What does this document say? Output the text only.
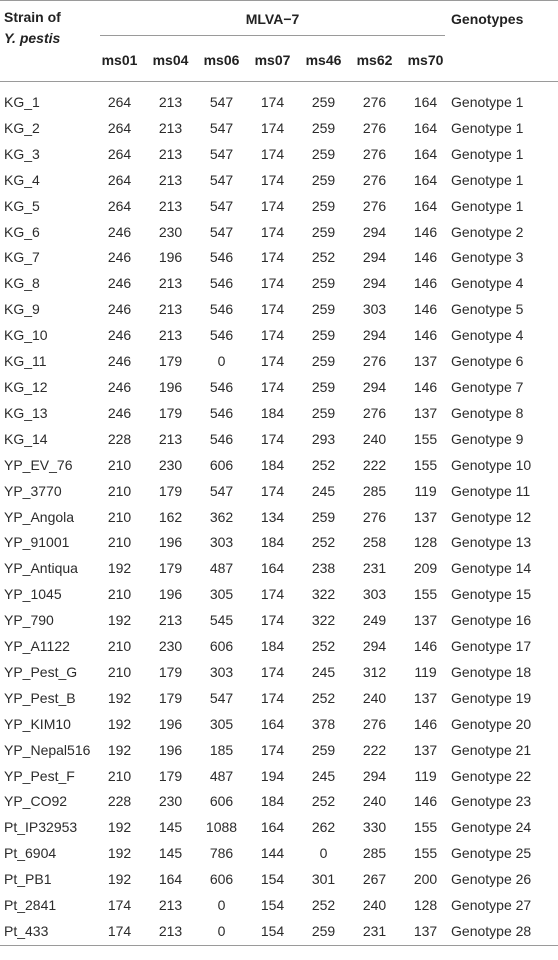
Strain of
Y. pestis	MLVA−7							Genotypes
	ms01	ms04	ms06	ms07	ms46	ms62	ms70	
KG_1	264	213	547	174	259	276	164	Genotype 1
KG_2	264	213	547	174	259	276	164	Genotype 1
KG_3	264	213	547	174	259	276	164	Genotype 1
KG_4	264	213	547	174	259	276	164	Genotype 1
KG_5	264	213	547	174	259	276	164	Genotype 1
KG_6	246	230	547	174	259	294	146	Genotype 2
KG_7	246	196	546	174	252	294	146	Genotype 3
KG_8	246	213	546	174	259	294	146	Genotype 4
KG_9	246	213	546	174	259	303	146	Genotype 5
KG_10	246	213	546	174	259	294	146	Genotype 4
KG_11	246	179	0	174	259	276	137	Genotype 6
KG_12	246	196	546	174	259	294	146	Genotype 7
KG_13	246	179	546	184	259	276	137	Genotype 8
KG_14	228	213	546	174	293	240	155	Genotype 9
YP_EV_76	210	230	606	184	252	222	155	Genotype 10
YP_3770	210	179	547	174	245	285	119	Genotype 11
YP_Angola	210	162	362	134	259	276	137	Genotype 12
YP_91001	210	196	303	184	252	258	128	Genotype 13
YP_Antiqua	192	179	487	164	238	231	209	Genotype 14
YP_1045	210	196	305	174	322	303	155	Genotype 15
YP_790	192	213	545	174	322	249	137	Genotype 16
YP_A1122	210	230	606	184	252	294	146	Genotype 17
YP_Pest_G	210	179	303	174	245	312	119	Genotype 18
YP_Pest_B	192	179	547	174	252	240	137	Genotype 19
YP_KIM10	192	196	305	164	378	276	146	Genotype 20
YP_Nepal516	192	196	185	174	259	222	137	Genotype 21
YP_Pest_F	210	179	487	194	245	294	119	Genotype 22
YP_CO92	228	230	606	184	252	240	146	Genotype 23
Pt_IP32953	192	145	1088	164	262	330	155	Genotype 24
Pt_6904	192	145	786	144	0	285	155	Genotype 25
Pt_PB1	192	164	606	154	301	267	200	Genotype 26
Pt_2841	174	213	0	154	252	240	128	Genotype 27
Pt_433	174	213	0	154	259	231	137	Genotype 28
